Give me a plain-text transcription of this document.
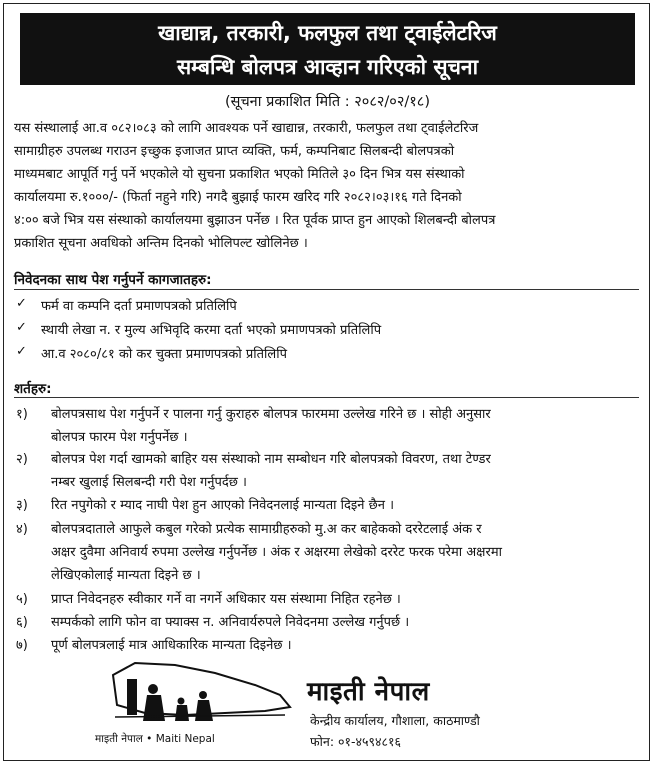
खाद्यान्न, तरकारी, फलफुल तथा ट्वाईलेटरिज
सम्बन्धि बोलपत्र आव्हान गरिएको सूचना
(सूचना प्रकाशित मिति : २०८२/०२/१८)
यस संस्थालाई आ.व ०८२।०८३ को लागि आवश्यक पर्ने खाद्यान्न, तरकारी, फलफुल तथा ट्वाईलेटरिज
सामाग्रीहरु उपलब्ध गराउन इच्छुक इजाजत प्राप्त व्यक्ति, फर्म, कम्पनिबाट सिलबन्दी बोलपत्रको
माध्यमबाट आपूर्ति गर्नु पर्ने भएकोले यो सुचना प्रकाशित भएको मितिले ३० दिन भित्र यस संस्थाको
कार्यालयमा रु.१०००/- (फिर्ता नहुने गरि) नगदै बुझाई फारम खरिद गरि २०८२।०३।१६ गते दिनको
४:०० बजे भित्र यस संस्थाको कार्यालयमा बुझाउन पर्नेछ । रित पूर्वक प्राप्त हुन आएको शिलबन्दी बोलपत्र
प्रकाशित सूचना अवधिको अन्तिम दिनको भोलिपल्ट खोलिनेछ ।
निवेदनका साथ पेश गर्नुपर्ने कागजातहरु:
✓ फर्म वा कम्पनि दर्ता प्रमाणपत्रको प्रतिलिपि
✓ स्थायी लेखा न. र मुल्य अभिवृदि करमा दर्ता भएको प्रमाणपत्रको प्रतिलिपि
✓ आ.व २०८०/८१ को कर चुक्ता प्रमाणपत्रको प्रतिलिपि
शर्तहरु:
१) बोलपत्रसाथ पेश गर्नुपर्ने र पालना गर्नु कुराहरु बोलपत्र फारममा उल्लेख गरिने छ । सोही अनुसार
बोलपत्र फारम पेश गर्नुपर्नेछ ।
२) बोलपत्र पेश गर्दा खामको बाहिर यस संस्थाको नाम सम्बोधन गरि बोलपत्रको विवरण, तथा टेण्डर
नम्बर खुलाई सिलबन्दी गरी पेश गर्नुपर्दछ ।
३) रित नपुगेको र म्याद नाघी पेश हुन आएको निवेदनलाई मान्यता दिइने छैन ।
४) बोलपत्रदाताले आफुले कबुल गरेको प्रत्येक सामाग्रीहरुको मु.अ कर बाहेकको दररेटलाई अंक र
अक्षर दुवैमा अनिवार्य रुपमा उल्लेख गर्नुपर्नेछ । अंक र अक्षरमा लेखेको दररेट फरक परेमा अक्षरमा
लेखिएकोलाई मान्यता दिइने छ ।
५) प्राप्त निवेदनहरु स्वीकार गर्ने वा नगर्ने अधिकार यस संस्थामा निहित रहनेछ ।
६) सम्पर्कको लागि फोन वा फ्याक्स न. अनिवार्यरुपले निवेदनमा उल्लेख गर्नुपर्छ ।
७) पूर्ण बोलपत्रलाई मात्र आधिकारिक मान्यता दिइनेछ ।
माइती नेपाल • Maiti Nepal
माइती नेपाल
केन्द्रीय कार्यालय, गौशाला, काठमाण्डौ
फोन: ०१-४५९४८१६
